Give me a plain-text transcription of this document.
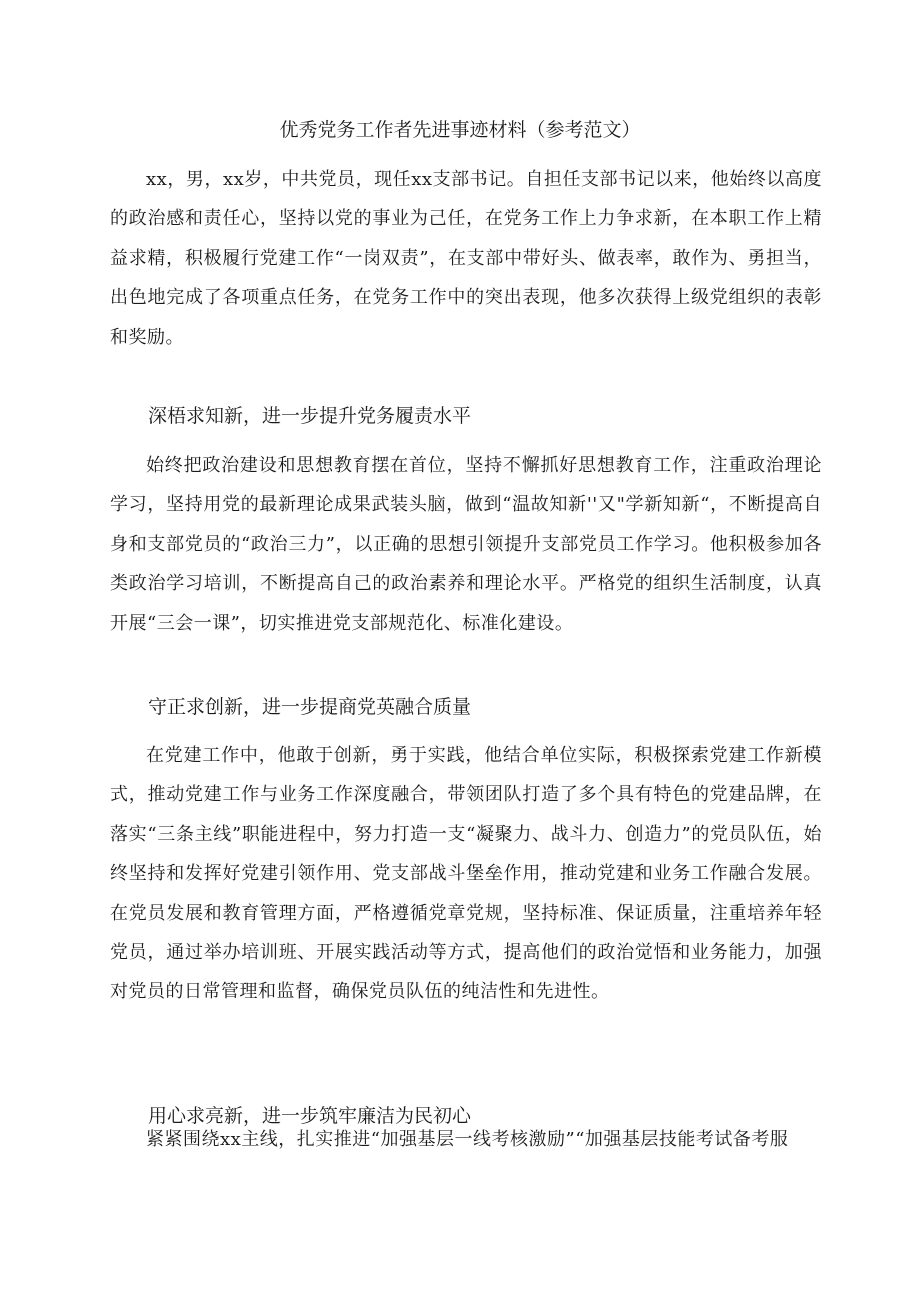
优秀党务工作者先进事迹材料（参考范文）

xx，男，xx岁，中共党员，现任xx支部书记。自担任支部书记以来，他始终以高度的政治感和责任心，坚持以党的事业为己任，在党务工作上力争求新，在本职工作上精益求精，积极履行党建工作“一岗双责”，在支部中带好头、做表率，敢作为、勇担当，出色地完成了各项重点任务，在党务工作中的突出表现，他多次获得上级党组织的表彰和奖励。

深梧求知新，进一步提升党务履责水平

始终把政治建设和思想教育摆在首位，坚持不懈抓好思想教育工作，注重政治理论学习，坚持用党的最新理论成果武装头脑，做到“温故知新''又"学新知新“，不断提高自身和支部党员的“政治三力”，以正确的思想引领提升支部党员工作学习。他积极参加各类政治学习培训，不断提高自己的政治素养和理论水平。严格党的组织生活制度，认真开展“三会一课”，切实推进党支部规范化、标准化建设。

守正求创新，进一步提商党英融合质量

在党建工作中，他敢于创新，勇于实践，他结合单位实际，积极探索党建工作新模式，推动党建工作与业务工作深度融合，带领团队打造了多个具有特色的党建品牌，在落实“三条主线”职能进程中，努力打造一支“凝聚力、战斗力、创造力”的党员队伍，始终坚持和发挥好党建引领作用、党支部战斗堡垒作用，推动党建和业务工作融合发展。在党员发展和教育管理方面，严格遵循党章党规，坚持标准、保证质量，注重培养年轻党员，通过举办培训班、开展实践活动等方式，提高他们的政治觉悟和业务能力，加强对党员的日常管理和监督，确保党员队伍的纯洁性和先进性。

用心求亮新，进一步筑牢廉洁为民初心

紧紧围绕xx主线，扎实推进“加强基层一线考核激励”“加强基层技能考试备考服
